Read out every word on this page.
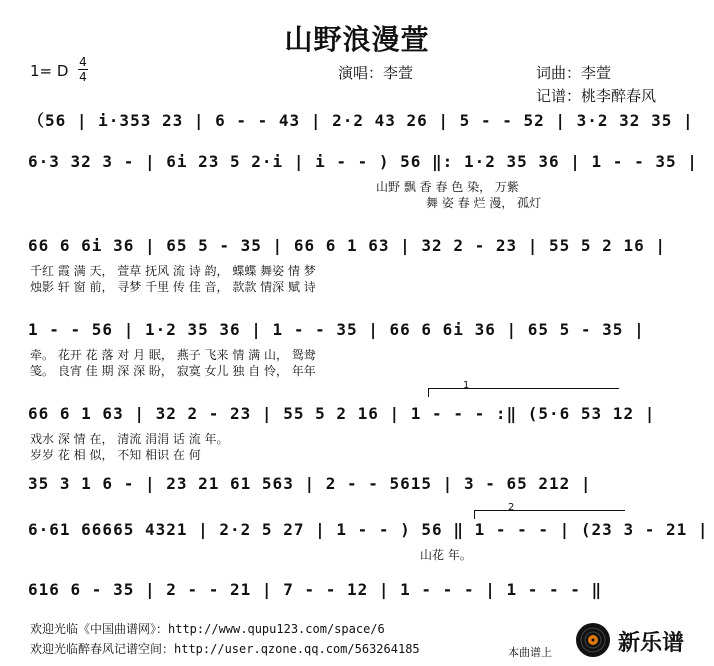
山野浪漫萱
1= D 4
4	演唱：李萱	词曲：李萱
记谱：桃李醉春风
（56 | i·353 23 | 6 - - 43 | 2·2 43 26 | 5 - - 52 | 3·2 32 35 |
6·3 32 3 - | 6i 23 5 2·i | i - - ) 56 ‖: 1·2 35 36 | 1 - - 35 |
山野 飘 香 春 色 染， 万紫
舞 姿 春 烂 漫， 孤灯
66 6 6i 36 | 65 5 - 35 | 66 6 1 63 | 32 2 - 23 | 55 5 2 16 |
千红 霞 满 天， 萱草 抚风 流 诗 韵， 蝶蝶 舞姿 情 梦
烛影 轩 窗 前， 寻梦 千里 传 佳 音， 款款 情深 赋 诗
1 - - 56 | 1·2 35 36 | 1 - - 35 | 66 6 6i 36 | 65 5 - 35 |
牵。 花开 花 落 对 月 眠， 燕子 飞来 情 满 山， 鸳鸯
笺。 良宵 佳 期 深 深 盼， 寂寞 女儿 独 自 怜， 年年
1
66 6 1 63 | 32 2 - 23 | 55 5 2 16 | 1 - - - :‖ (5·6 53 12 |
戏水 深 情 在， 清流 涓涓 话 流 年。
岁岁 花 相 似， 不知 相识 在 何
35 3 1 6 - | 23 21 61 563 | 2 - - 5615 | 3 - 65 212 |
2
6·61 66665 4321 | 2·2 5 27 | 1 - - ) 56 ‖ 1 - - - | (23 3 - 21 |
山花 年。
616 6 - 35 | 2 - - 21 | 7 - - 12 | 1 - - - | 1 - - - ‖
欢迎光临《中国曲谱网》：http://www.qupu123.com/space/6
欢迎光临醉春风记谱空间：http://user.qzone.qq.com/563264185	本曲谱上	新乐谱
